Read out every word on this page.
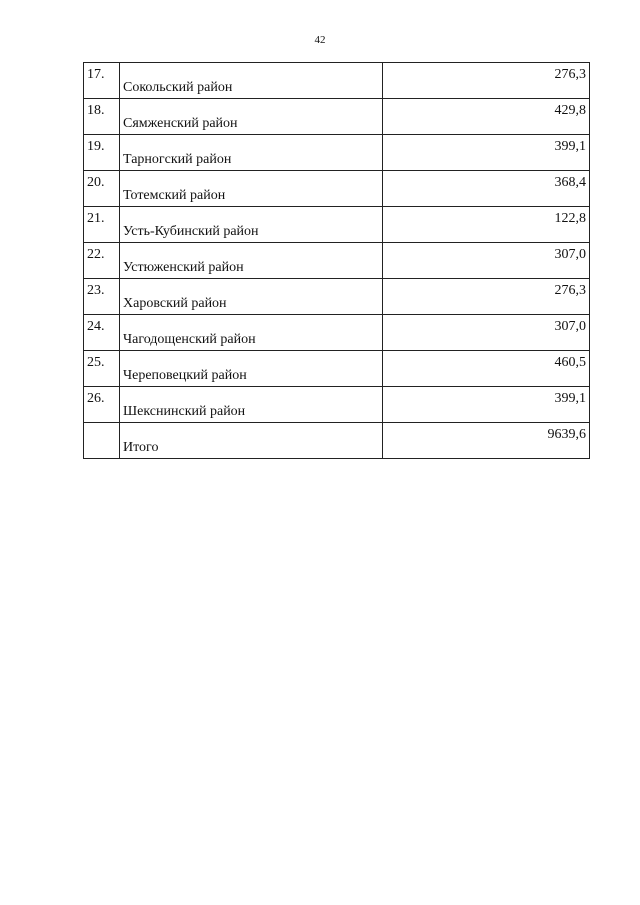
42
17.	Сокольский район	276,3
18.	Сямженский район	429,8
19.	Тарногский район	399,1
20.	Тотемский район	368,4
21.	Усть-Кубинский район	122,8
22.	Устюженский район	307,0
23.	Харовский район	276,3
24.	Чагодощенский район	307,0
25.	Череповецкий район	460,5
26.	Шекснинский район	399,1
	Итого	9639,6
